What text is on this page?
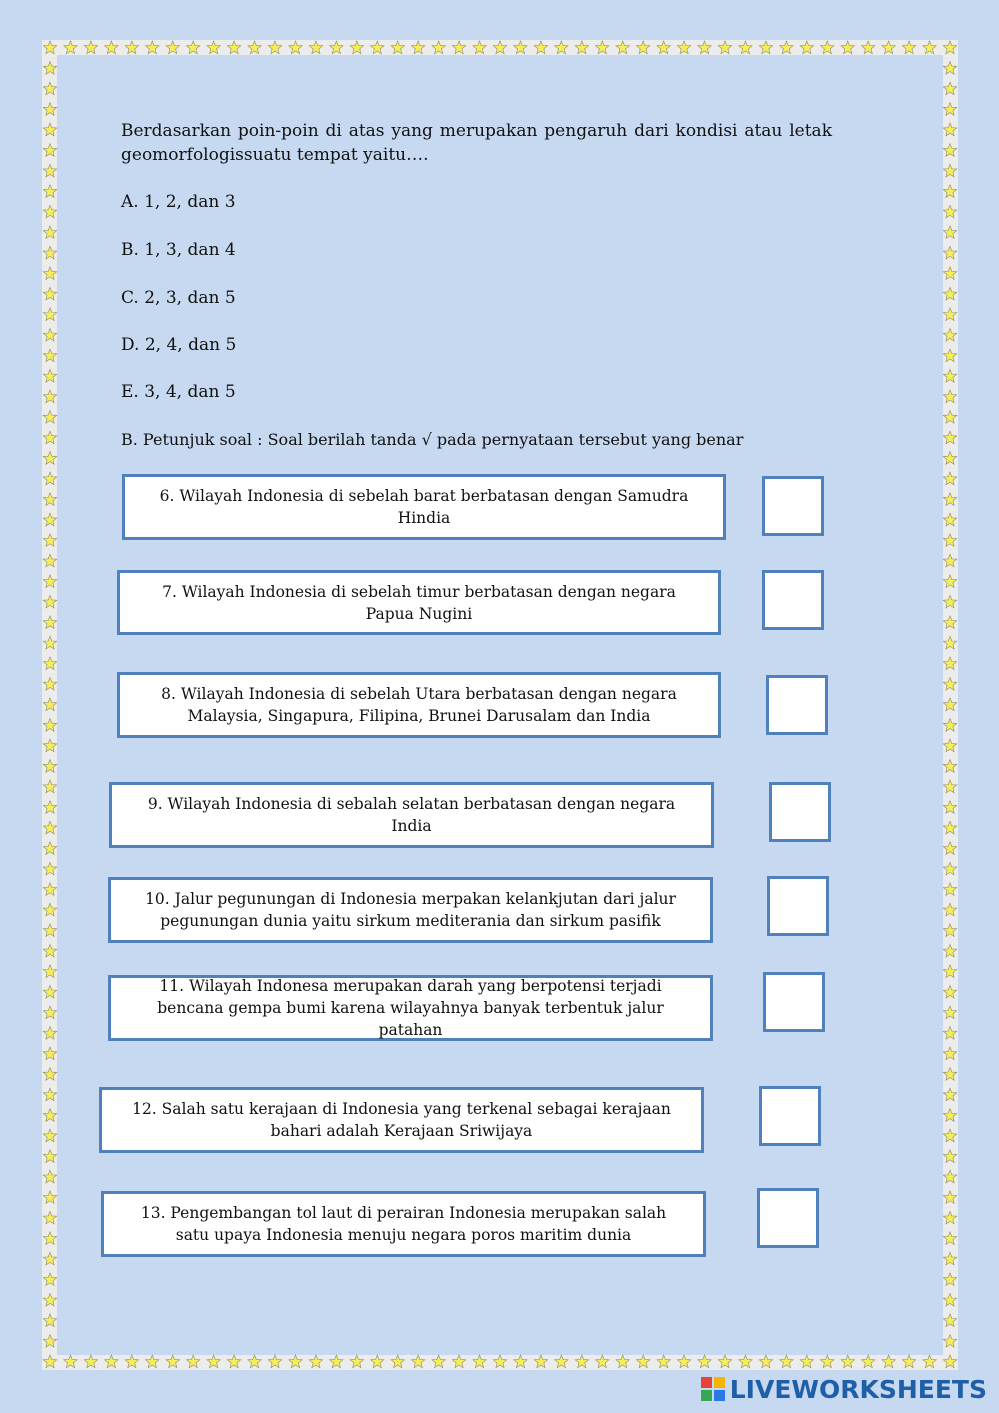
Berdasarkan poin-poin di atas yang merupakan pengaruh dari kondisi atau letak geomorfologissuatu tempat yaitu….

A. 1, 2, dan 3

B. 1, 3, dan 4

C. 2, 3, dan 5

D. 2, 4, dan 5

E. 3, 4, dan 5

B. Petunjuk soal : Soal berilah tanda √ pada pernyataan tersebut yang benar

6. Wilayah Indonesia di sebelah barat berbatasan dengan Samudra Hindia
7. Wilayah Indonesia di sebelah timur berbatasan dengan negara Papua Nugini
8. Wilayah Indonesia di sebelah Utara berbatasan dengan negara Malaysia, Singapura, Filipina, Brunei Darusalam dan India
9. Wilayah Indonesia di sebalah selatan berbatasan dengan negara India
10. Jalur pegunungan di Indonesia merpakan kelankjutan dari jalur pegunungan dunia yaitu sirkum mediterania dan sirkum pasifik
11. Wilayah Indonesa merupakan darah yang berpotensi terjadi bencana gempa bumi karena wilayahnya banyak terbentuk jalur patahan
12. Salah satu kerajaan di Indonesia yang terkenal sebagai kerajaan bahari adalah Kerajaan Sriwijaya
13. Pengembangan tol laut di perairan Indonesia merupakan salah satu upaya Indonesia menuju negara poros maritim dunia
LIVEWORKSHEETS
